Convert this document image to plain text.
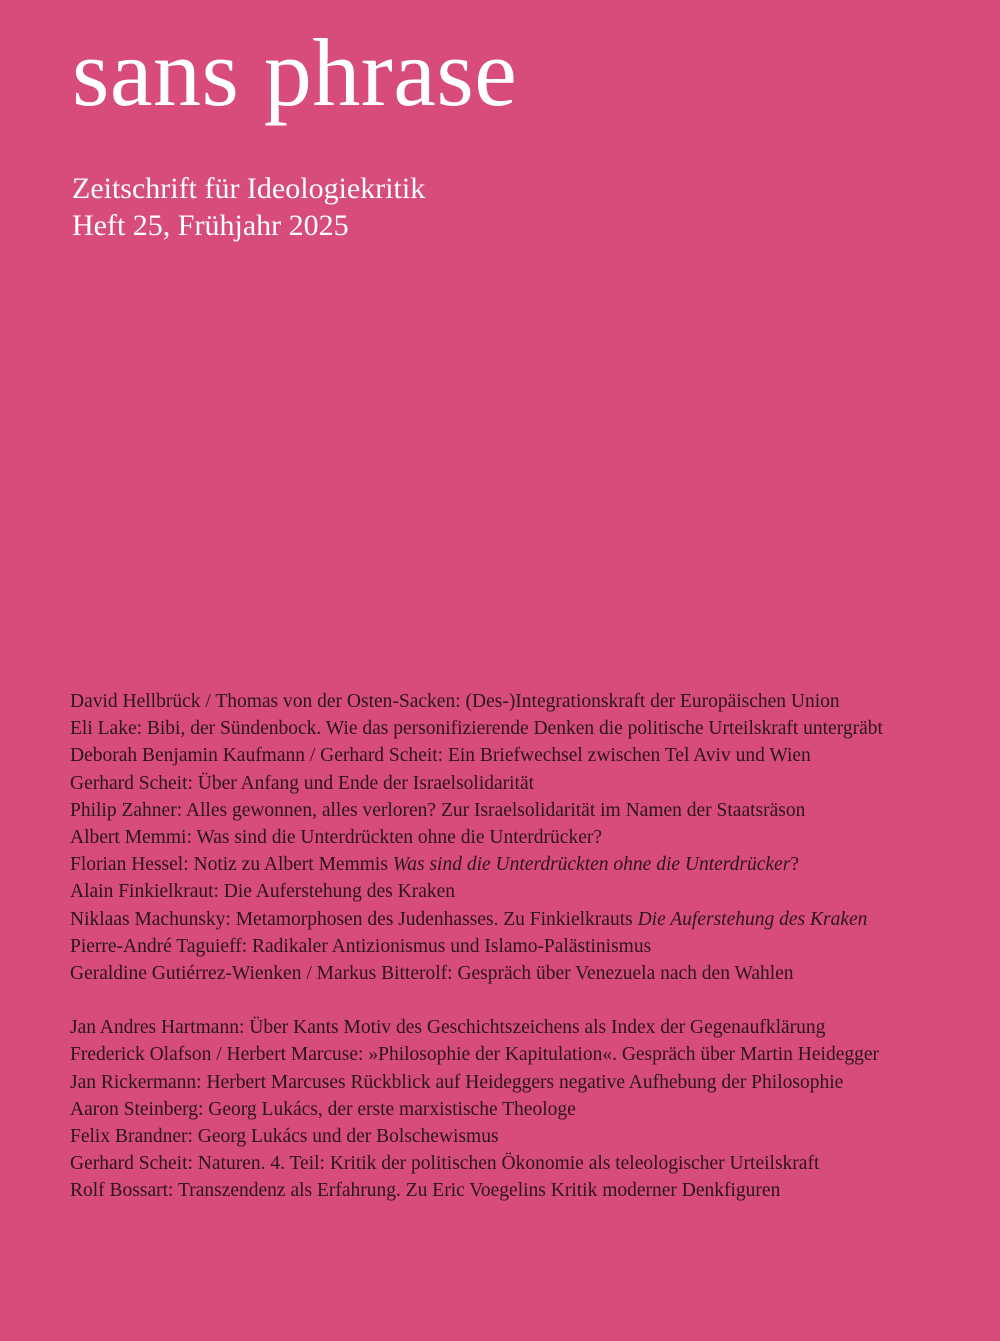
sans phrase
Zeitschrift für Ideologiekritik
Heft 25, Frühjahr 2025
David Hellbrück / Thomas von der Osten-Sacken: (Des-)Integrationskraft der Europäischen Union
Eli Lake: Bibi, der Sündenbock. Wie das personifizierende Denken die politische Urteilskraft untergräbt
Deborah Benjamin Kaufmann / Gerhard Scheit: Ein Briefwechsel zwischen Tel Aviv und Wien
Gerhard Scheit: Über Anfang und Ende der Israelsolidarität
Philip Zahner: Alles gewonnen, alles verloren? Zur Israelsolidarität im Namen der Staatsräson
Albert Memmi: Was sind die Unterdrückten ohne die Unterdrücker?
Florian Hessel: Notiz zu Albert Memmis Was sind die Unterdrückten ohne die Unterdrücker?
Alain Finkielkraut: Die Auferstehung des Kraken
Niklaas Machunsky: Metamorphosen des Judenhasses. Zu Finkielkrauts Die Auferstehung des Kraken
Pierre-André Taguieff: Radikaler Antizionismus und Islamo-Palästinismus
Geraldine Gutiérrez-Wienken / Markus Bitterolf: Gespräch über Venezuela nach den Wahlen
Jan Andres Hartmann: Über Kants Motiv des Geschichtszeichens als Index der Gegenaufklärung
Frederick Olafson / Herbert Marcuse: »Philosophie der Kapitulation«. Gespräch über Martin Heidegger
Jan Rickermann: Herbert Marcuses Rückblick auf Heideggers negative Aufhebung der Philosophie
Aaron Steinberg: Georg Lukács, der erste marxistische Theologe
Felix Brandner: Georg Lukács und der Bolschewismus
Gerhard Scheit: Naturen. 4. Teil: Kritik der politischen Ökonomie als teleologischer Urteilskraft
Rolf Bossart: Transzendenz als Erfahrung. Zu Eric Voegelins Kritik moderner Denkfiguren
